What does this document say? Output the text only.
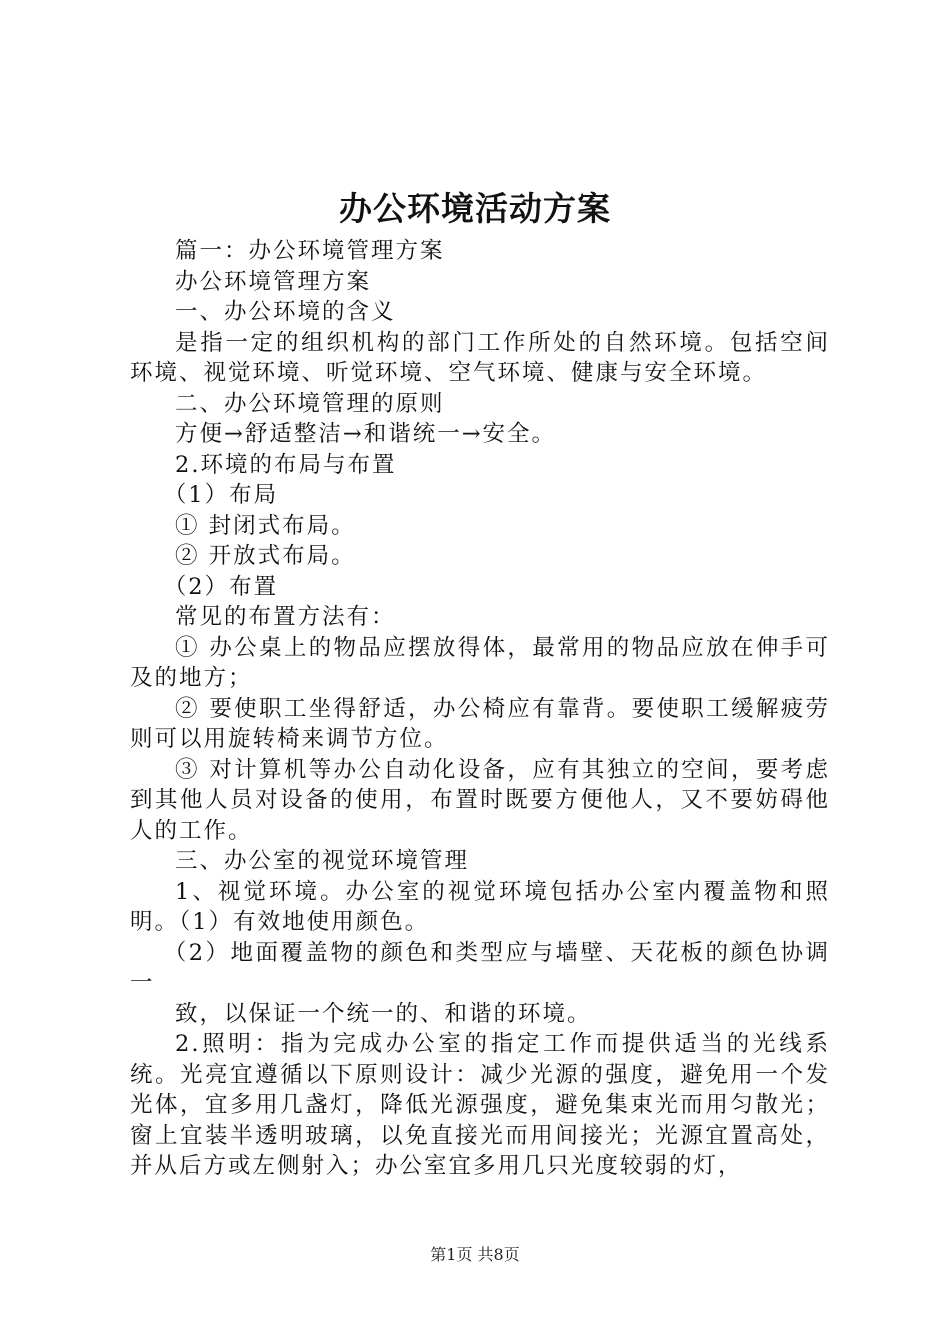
办公环境活动方案

篇一：办公环境管理方案

办公环境管理方案

一、办公环境的含义

是指一定的组织机构的部门工作所处的自然环境。包括空间环境、视觉环境、听觉环境、空气环境、健康与安全环境。

二、办公环境管理的原则

方便→舒适整洁→和谐统一→安全。

2.环境的布局与布置

（1）布局

① 封闭式布局。

② 开放式布局。

（2）布置

常见的布置方法有：

① 办公桌上的物品应摆放得体，最常用的物品应放在伸手可及的地方；

② 要使职工坐得舒适，办公椅应有靠背。要使职工缓解疲劳则可以用旋转椅来调节方位。

③ 对计算机等办公自动化设备，应有其独立的空间，要考虑到其他人员对设备的使用，布置时既要方便他人，又不要妨碍他人的工作。

三、办公室的视觉环境管理

1、视觉环境。办公室的视觉环境包括办公室内覆盖物和照明。（1）有效地使用颜色。

（2）地面覆盖物的颜色和类型应与墙壁、天花板的颜色协调一

致，以保证一个统一的、和谐的环境。

2.照明：指为完成办公室的指定工作而提供适当的光线系统。光亮宜遵循以下原则设计：减少光源的强度，避免用一个发光体，宜多用几盏灯，降低光源强度，避免集束光而用匀散光；窗上宜装半透明玻璃，以免直接光而用间接光；光源宜置高处，并从后方或左侧射入；办公室宜多用几只光度较弱的灯，

第1页 共8页
